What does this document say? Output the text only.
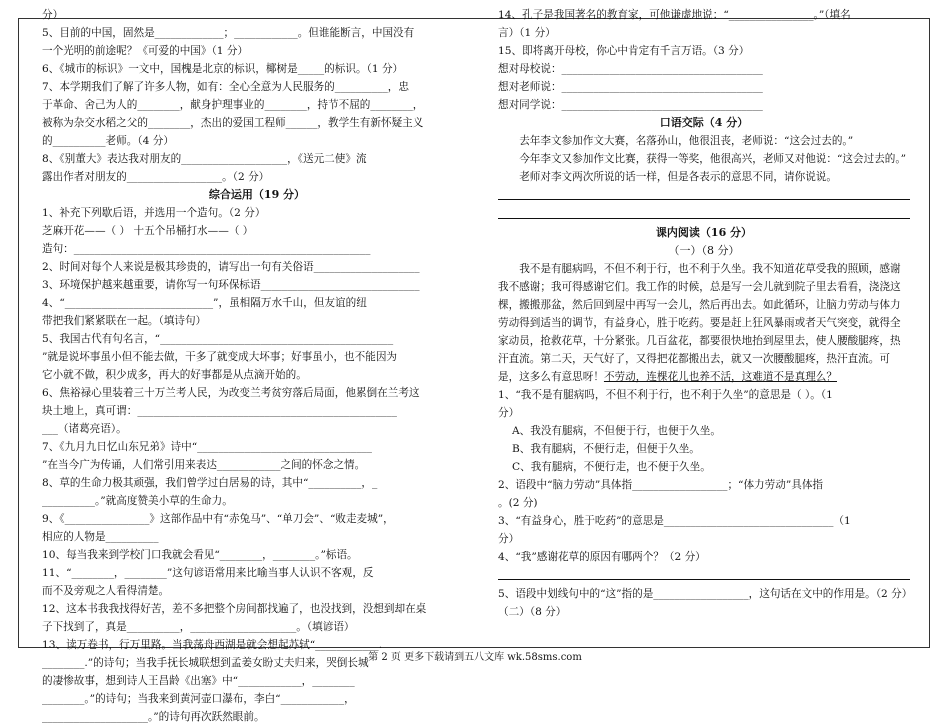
分）

5、目前的中国，固然是_____________；____________。但谁能断言，中国没有

一个光明的前途呢？《可爱的中国》（1 分）

6、《城市的标识》一文中，国槐是北京的标识，椰树是_____的标识。（1 分）

7、本学期我们了解了许多人物，如有：全心全意为人民服务的__________，忠

于革命、舍己为人的________，献身护理事业的________，持节不屈的________，

被称为杂交水稻之父的________，杰出的爱国工程师______，教学生有新怀疑主义

的__________老师。（4 分）

8、《别董大》表达我对朋友的____________________，《送元二使》流

露出作者对朋友的__________________。（2 分）

综合运用（19 分）

1、补充下列歇后语，并选用一个造句。（2 分）

芝麻开花——（ ） 十五个吊桶打水——（ ）

造句：________________________________________________________

2、时间对每个人来说是极其珍贵的，请写出一句有关俗语____________________

3、环境保护越来越重要，请你写一句环保标语______________________________

4、“____________________________”，虽相隔万水千山，但友谊的纽

带把我们紧紧联在一起。（填诗句）

5、我国古代有句名言，“____________________________________________

”就是说坏事虽小但不能去做，干多了就变成大坏事；好事虽小，也不能因为

它小就不做，积少成多，再大的好事都是从点滴开始的。

6、焦裕禄心里装着三十万兰考人民，为改变兰考贫穷落后局面，他累倒在兰考这

块土地上，真可谓：_________________________________________________

___（诸葛亮语）。

7、《九月九日忆山东兄弟》诗中“_________________________________

”在当今广为传诵，人们常引用来表达____________之间的怀念之情。

8、草的生命力极其顽强，我们曾学过白居易的诗，其中“__________，_

__________。”就高度赞美小草的生命力。

9、《________________》这部作品中有“赤兔马”、“单刀会”、“败走麦城”，

相应的人物是__________

10、每当我来到学校门口我就会看见“________，________。”标语。

11、“________，________”这句谚语常用来比喻当事人认识不客观，反

而不及旁观之人看得清楚。

12、这本书我我找得好苦，差不多把整个房间都找遍了，也没找到，没想到却在桌

子下找到了，真是__________，____________________。（填谚语）

13、读万卷书，行万里路。当我荡舟西湖是就会想起苏轼“____________.

________.”的诗句；当我手抚长城联想到孟姜女盼丈夫归来，哭倒长城

的凄惨故事，想到诗人王昌龄《出塞》中“____________，________

________。”的诗句；当我来到黄河壶口瀑布，李白“____________，

____________________。”的诗句再次跃然眼前。

14、孔子是我国著名的教育家，可他谦虚地说：“________________。”（填名

言）（1 分）

15、即将离开母校，你心中肯定有千言万语。（3 分）

想对母校说：______________________________________

想对老师说：______________________________________

想对同学说：______________________________________

口语交际（4 分）

去年李文参加作文大赛，名落孙山，他很沮丧，老师说：“这会过去的。”

今年李文又参加作文比赛，获得一等奖，他很高兴，老师又对他说：“这会过去的。”

老师对李文两次所说的话一样，但是各表示的意思不同，请你说说。

课内阅读（16 分）

（一）（8 分）

我不是有腿病吗，不但不利于行，也不利于久坐。我不知道花草受我的照顾，感谢我不感谢；我可得感谢它们。我工作的时候，总是写一会儿就到院子里去看看，浇浇这棵，搬搬那盆，然后回到屋中再写一会儿，然后再出去。如此循环，让脑力劳动与体力劳动得到适当的调节，有益身心，胜于吃药。要是赶上狂风暴雨或者天气突变，就得全家动员，抢救花草，十分紧张。几百盆花，都要很快地抬到屋里去，使人腰酸腿疼，热汗直流。第二天，天气好了，又得把花都搬出去，就又一次腰酸腿疼，热汗直流。可是，这多么有意思呀！不劳动，连棵花儿也养不活，这难道不是真理么？

1、“我不是有腿病吗，不但不利于行，也不利于久坐”的意思是（ ）。（1

分）

A、我没有腿病，不但便于行，也便于久坐。

B、我有腿病，不便行走，但便于久坐。

C、我有腿病，不便行走，也不便于久坐。

2、语段中“脑力劳动”具体指__________________；“体力劳动”具体指

。(2 分)

3、“有益身心，胜于吃药”的意思是________________________________（1

分）

4、“我”感谢花草的原因有哪两个？（2 分）

5、语段中划线句中的“这”指的是__________________，这句话在文中的作用是。（2 分）

（二）（8 分）

第 2 页 更多下载请到五八文库 wk.58sms.com
